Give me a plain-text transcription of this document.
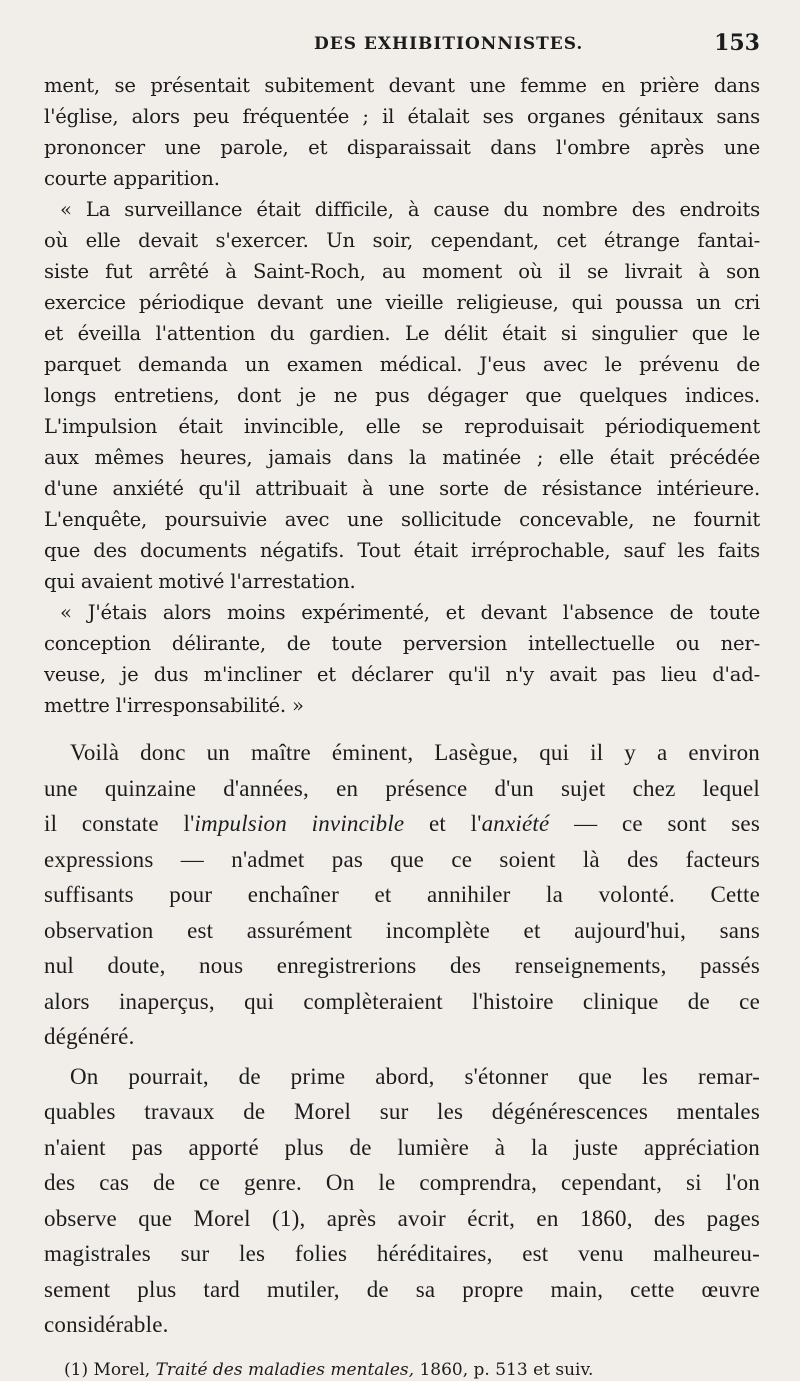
DES EXHIBITIONNISTES.	153

ment, se présentait subitement devant une femme en prière dans

l'église, alors peu fréquentée ; il étalait ses organes génitaux sans

prononcer une parole, et disparaissait dans l'ombre après une

courte apparition.

« La surveillance était difficile, à cause du nombre des endroits

où elle devait s'exercer. Un soir, cependant, cet étrange fantai-

siste fut arrêté à Saint-Roch, au moment où il se livrait à son

exercice périodique devant une vieille religieuse, qui poussa un cri

et éveilla l'attention du gardien. Le délit était si singulier que le

parquet demanda un examen médical. J'eus avec le prévenu de

longs entretiens, dont je ne pus dégager que quelques indices.

L'impulsion était invincible, elle se reproduisait périodiquement

aux mêmes heures, jamais dans la matinée ; elle était précédée

d'une anxiété qu'il attribuait à une sorte de résistance intérieure.

L'enquête, poursuivie avec une sollicitude concevable, ne fournit

que des documents négatifs. Tout était irréprochable, sauf les faits

qui avaient motivé l'arrestation.

« J'étais alors moins expérimenté, et devant l'absence de toute

conception délirante, de toute perversion intellectuelle ou ner-

veuse, je dus m'incliner et déclarer qu'il n'y avait pas lieu d'ad-

mettre l'irresponsabilité. »

Voilà donc un maître éminent, Lasègue, qui il y a environ

une quinzaine d'années, en présence d'un sujet chez lequel

il constate l'impulsion invincible et l'anxiété — ce sont ses

expressions — n'admet pas que ce soient là des facteurs

suffisants pour enchaîner et annihiler la volonté. Cette

observation est assurément incomplète et aujourd'hui, sans

nul doute, nous enregistrerions des renseignements, passés

alors inaperçus, qui complèteraient l'histoire clinique de ce

dégénéré.

On pourrait, de prime abord, s'étonner que les remar-

quables travaux de Morel sur les dégénérescences mentales

n'aient pas apporté plus de lumière à la juste appréciation

des cas de ce genre. On le comprendra, cependant, si l'on

observe que Morel (1), après avoir écrit, en 1860, des pages

magistrales sur les folies héréditaires, est venu malheureu-

sement plus tard mutiler, de sa propre main, cette œuvre

considérable.

(1) Morel, Traité des maladies mentales, 1860, p. 513 et suiv.
